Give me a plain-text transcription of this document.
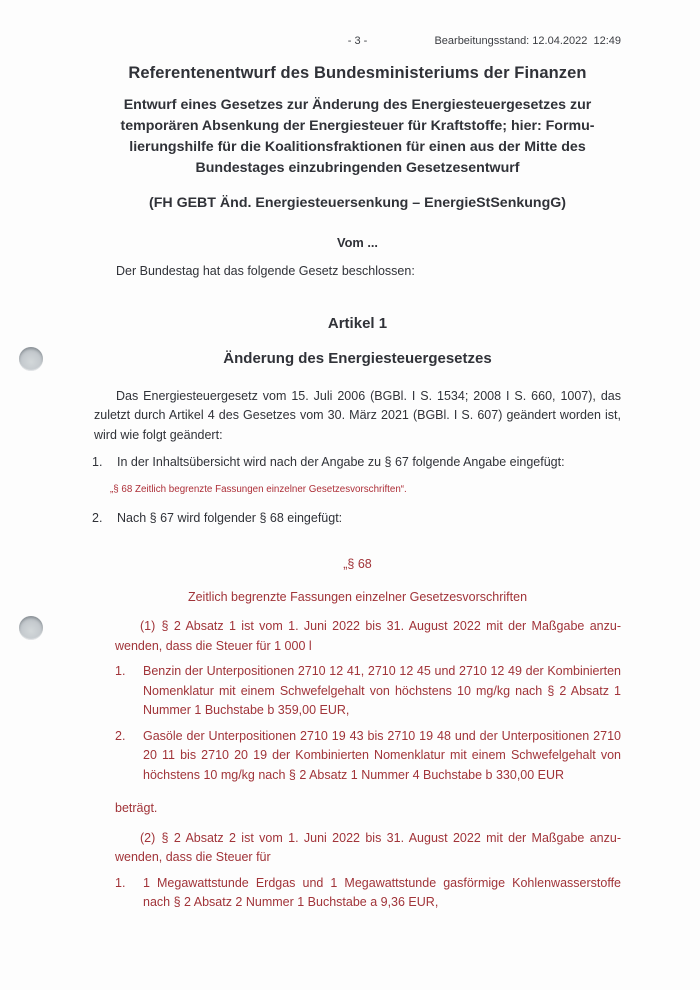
- 3 -	Bearbeitungsstand: 12.04.2022  12:49
Referentenentwurf des Bundesministeriums der Finanzen
Entwurf eines Gesetzes zur Änderung des Energiesteuergesetzes zur
temporären Absenkung der Energiesteuer für Kraftstoffe; hier: Formu-
lierungshilfe für die Koalitionsfraktionen für einen aus der Mitte des
Bundestages einzubringenden Gesetzesentwurf
(FH GEBT Änd. Energiesteuersenkung – EnergieStSenkungG)
Vom ...

Der Bundestag hat das folgende Gesetz beschlossen:

Artikel 1
Änderung des Energiesteuergesetzes

Das Energiesteuergesetz vom 15. Juli 2006 (BGBl. I S. 1534; 2008 I S. 660, 1007), das zuletzt durch Artikel 4 des Gesetzes vom 30. März 2021 (BGBl. I S. 607) geändert worden ist, wird wie folgt geändert:

1.	In der Inhaltsübersicht wird nach der Angabe zu § 67 folgende Angabe eingefügt:
„§ 68 Zeitlich begrenzte Fassungen einzelner Gesetzesvorschriften“.
2.	Nach § 67 wird folgender § 68 eingefügt:
„§ 68
Zeitlich begrenzte Fassungen einzelner Gesetzesvorschriften

(1) § 2 Absatz 1 ist vom 1. Juni 2022 bis 31. August 2022 mit der Maßgabe anzuwenden, dass die Steuer für 1 000 l

1.	Benzin der Unterpositionen 2710 12 41, 2710 12 45 und 2710 12 49 der Kombinierten Nomenklatur mit einem Schwefelgehalt von höchstens 10 mg/kg nach § 2 Absatz 1 Nummer 1 Buchstabe b 359,00 EUR,
2.	Gasöle der Unterpositionen 2710 19 43 bis 2710 19 48 und der Unterpositionen 2710 20 11 bis 2710 20 19 der Kombinierten Nomenklatur mit einem Schwefelgehalt von höchstens 10 mg/kg nach § 2 Absatz 1 Nummer 4 Buchstabe b 330,00 EUR

beträgt.

(2) § 2 Absatz 2 ist vom 1. Juni 2022 bis 31. August 2022 mit der Maßgabe anzuwenden, dass die Steuer für

1.	1 Megawattstunde Erdgas und 1 Megawattstunde gasförmige Kohlenwasserstoffe nach § 2 Absatz 2 Nummer 1 Buchstabe a 9,36 EUR,
